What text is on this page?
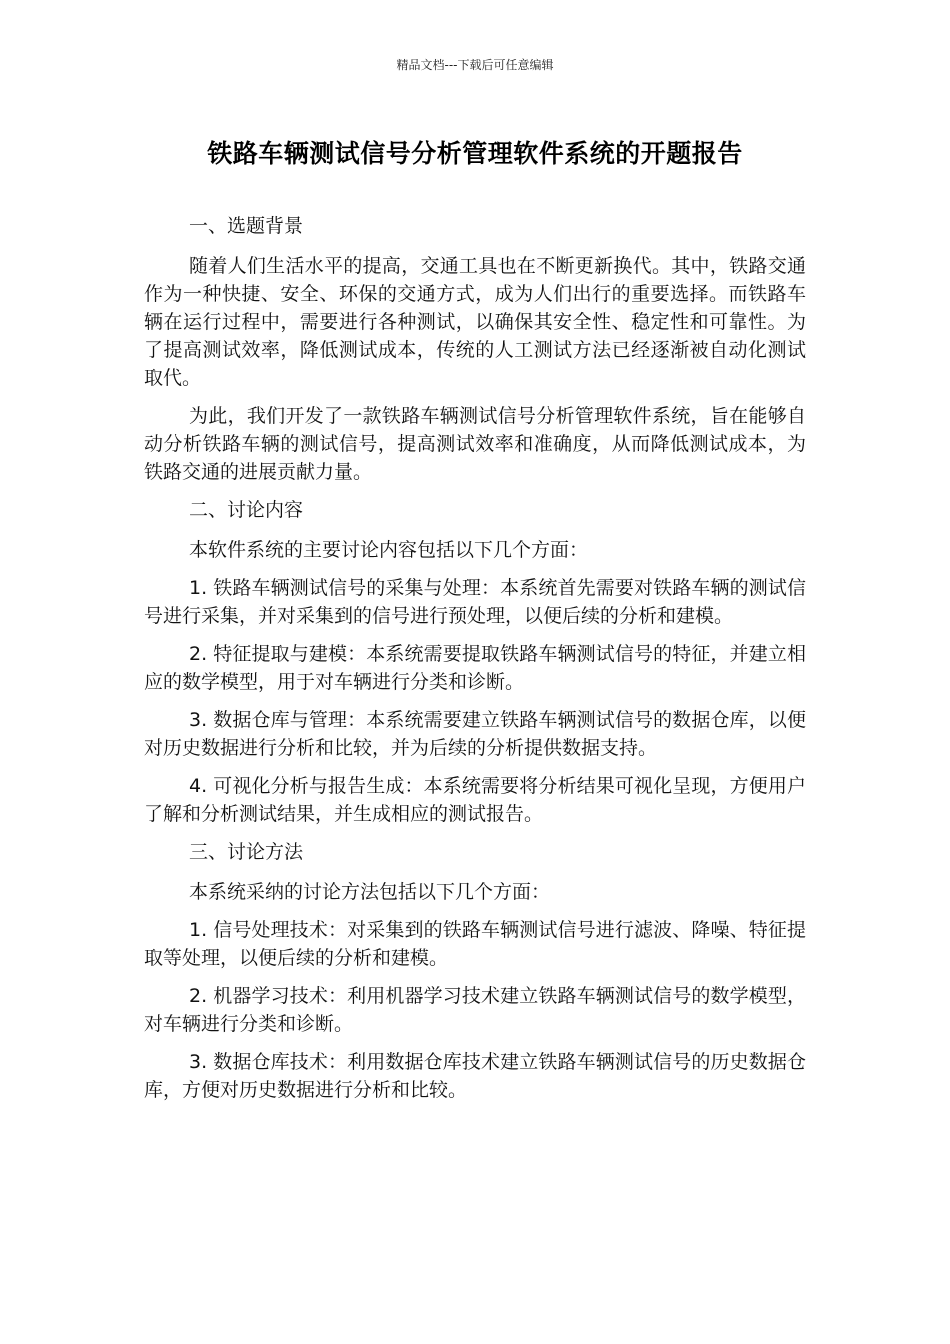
精品文档---下载后可任意编辑
铁路车辆测试信号分析管理软件系统的开题报告

一、选题背景

随着人们生活水平的提高，交通工具也在不断更新换代。其中，铁路交通作为一种快捷、安全、环保的交通方式，成为人们出行的重要选择。而铁路车辆在运行过程中，需要进行各种测试，以确保其安全性、稳定性和可靠性。为了提高测试效率，降低测试成本，传统的人工测试方法已经逐渐被自动化测试取代。

为此，我们开发了一款铁路车辆测试信号分析管理软件系统，旨在能够自动分析铁路车辆的测试信号，提高测试效率和准确度，从而降低测试成本，为铁路交通的进展贡献力量。

二、讨论内容

本软件系统的主要讨论内容包括以下几个方面：

1. 铁路车辆测试信号的采集与处理：本系统首先需要对铁路车辆的测试信号进行采集，并对采集到的信号进行预处理，以便后续的分析和建模。

2. 特征提取与建模：本系统需要提取铁路车辆测试信号的特征，并建立相应的数学模型，用于对车辆进行分类和诊断。

3. 数据仓库与管理：本系统需要建立铁路车辆测试信号的数据仓库，以便对历史数据进行分析和比较，并为后续的分析提供数据支持。

4. 可视化分析与报告生成：本系统需要将分析结果可视化呈现，方便用户了解和分析测试结果，并生成相应的测试报告。

三、讨论方法

本系统采纳的讨论方法包括以下几个方面：

1. 信号处理技术：对采集到的铁路车辆测试信号进行滤波、降噪、特征提取等处理，以便后续的分析和建模。

2. 机器学习技术：利用机器学习技术建立铁路车辆测试信号的数学模型，对车辆进行分类和诊断。

3. 数据仓库技术：利用数据仓库技术建立铁路车辆测试信号的历史数据仓库，方便对历史数据进行分析和比较。
